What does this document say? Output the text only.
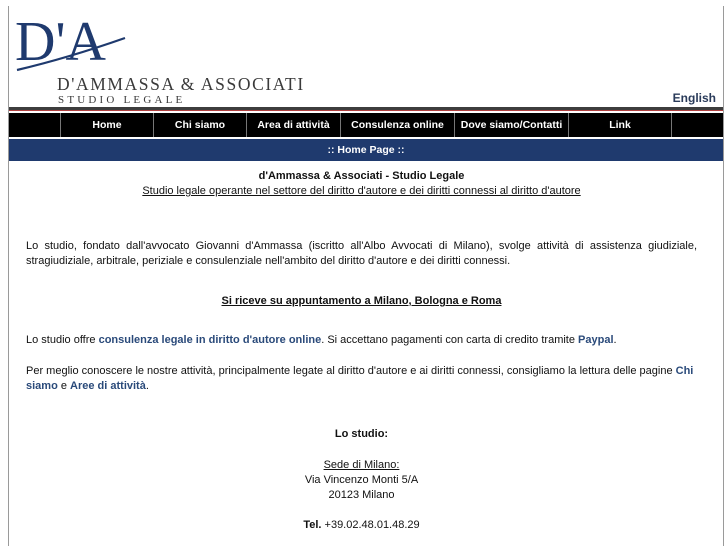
D'A
D'AMMASSA & ASSOCIATI
STUDIO LEGALE	English
Home	Chi siamo	Area di attività	Consulenza online	Dove siamo/Contatti	Link
:: Home Page ::
d'Ammassa & Associati - Studio Legale
Studio legale operante nel settore del diritto d'autore e dei diritti connessi al diritto d'autore
Lo studio, fondato dall'avvocato Giovanni d'Ammassa (iscritto all'Albo Avvocati di Milano), svolge attività di assistenza giudiziale, stragiudiziale, arbitrale, periziale e consulenziale nell'ambito del diritto d'autore e dei diritti connessi.
Si riceve su appuntamento a Milano, Bologna e Roma
Lo studio offre consulenza legale in diritto d'autore online. Si accettano pagamenti con carta di credito tramite Paypal.
Per meglio conoscere le nostre attività, principalmente legate al diritto d'autore e ai diritti connessi, consigliamo la lettura delle pagine Chi siamo e Aree di attività.
Lo studio:
Sede di Milano:
Via Vincenzo Monti 5/A
20123 Milano
Tel. +39.02.48.01.48.29
